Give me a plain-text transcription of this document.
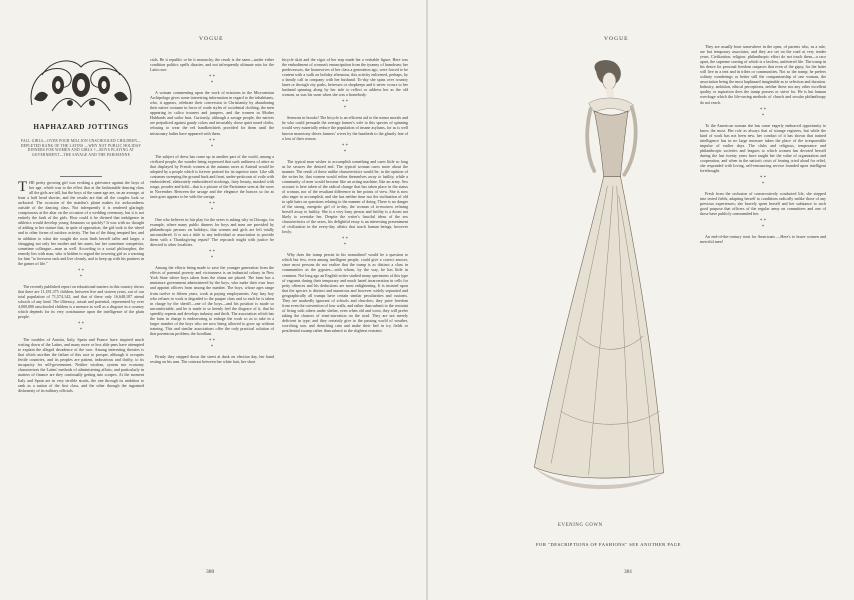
VOGUE
HAPHAZARD JOTTINGS
FALL GIRLS—OVER FOUR MILLION UNSCHOOLED CHILDREN—DEPLETED RANK OF THE LATINS —WHY NOT PUBLIC HOLIDAY DINNERS FOR WOMEN AND GIRLS ?—BOYS PLAYING AT GOVERNMENT—THE SAVAGE AND THE PARISIENNE

THE pretty growing girl was evoking a grievance against the boys of her age, which was to the effect that at the fashionable dancing class all the girls are tall, but the boys of the same age are, on an average, at least a half head shorter, and the results are that all the couples look so awkward. The occasion of the maiden's plaint makes for awkwardness outside of the dancing class. Not infrequently it is rendered glaringly conspicuous at the altar on the occasion of a wedding ceremony, but it is not entirely the fault of the girls. How could it be divined that indulgence in athletics would develop young Amazons so quickly? It was with no thought of adding to her stature that, in spite of opposition, the girl took to the wheel and to other forms of outdoor activity. The fun of the thing tempted her, and in addition to what she sought she soon finds herself taller and larger, a shrugging not only her mother and her aunts, but her sometime competitor, sometime colleague—man as well. According to a social philosopher, the remedy lies with man, who is bidden to regard the towering girl as a warning for him "to forswear sack and live cleanly, and to keep up with his partners in the games of life."

* *
*

The recently published report on educational matters in this country shows that there are 11,181,375 children, between five and sixteen years, out of our total population of 71,574,142, and that of these only 16,648,187 attend schools of any kind. The illiteracy, actual and potential, represented by over 4,000,000 unschooled children is a menace as well as a disgrace in a country which depends for its very continuance upon the intelligence of the plain people.

* *
*

The troubles of Austria, Italy, Spain and France have inspired much writing down of the Latins, and many more or less able pens have attempted to explain the alleged decadence of the race. Among interesting theories is that which ascribes the failure of this race to prosper, although it occupies fertile countries, and its peoples are patient, industrious and thrifty, to its incapacity for self-government. Neither wisdom, system nor economy characterizes the Latins' methods of administering affairs, and particularly in matters of finance are they continually getting into scrapes. At the moment Italy and Spain are in very terrible straits, the one through its ambition to rank as a nation of the first class, and the other through the ingrained dishonesty of its military officials.

cials. Be it republic or be it monarchy, the result is the same—under either condition politics spells disaster, and not infrequently ultimate ruin for the Latin race.

* *
*

A woman commenting upon the work of missions in the Micronesian Archipelago gives some interesting information in regard to the inhabitants, who, it appears, celebrate their conversion to Christianity by abandoning their native costume in favor of crude styles of occidental clothing, the men appearing in calico trousers and jumpers, and the women in Mother Hubbards and sailor hats. Curiously, although a savage people, the natives are prejudiced against gaudy colors and invariably chose quiet toned cloths, refusing to wear the red handkerchiefs provided for them until the missionary ladies have appeared with them.

* *
*

The subject of dress has come up in another part of the world, among a civilized people, the wonder being expressed that such unfitness of attire as that displayed by French women at the autumn races at Auteuil would be adopted by a people which is forever praised for its superior taste. Like silk costumes sweeping the ground back and front, under-petticoats of voile with embroidered, elaborately embroidered stockings, fairy beauty, masked with rouge, powder and kohl—that is a picture of the Parisienne seen at the races in November. Between the savage and the elegance the honors so far as taste goes appears to be with the savage.

* *
*

One who believes in fair play for the sexes is asking why in Chicago, for example, where many public dinners for boys and men are provided by philanthropic persons on holidays, that women and girls are left totally unconsidered. It is not a tittle to any individual or association to provide them with a Thanksgiving repast? The reproach might with justice be directed to other localities.

* *
*

Among the efforts being made to save the younger generation from the effects of parental poverty and viciousness is an industrial colony in New York State where boys taken from the slums are placed. The farm has a miniature government administered by the boys, who make their own laws and appoint officers from among the number. The boys, whose ages range from twelve to fifteen years, work at paying employments. Any lazy boy who refuses to work is degraded to the pauper class and so each he is taken in charge by the sheriff—one of the boys—and his position is made so uncomfortable, and he is made to so keenly feel the disgrace of it, that he speedily repents and develops industry and thrift. The association which has the farm in charge is endeavoring to enlarge the work so as to take in a larger number of the boys who are now being allowed to grow up without training. This and similar associations offer the only practical solution of that portentous problem, the hoodlum.

* *
*

Firmly they stepped down the street at dusk on election day, her hand resting on his arm. The contrast between her white hair, her short

bicycle skirt and the vigor of her step made her a veritable figure. Here was the embodiment of woman's emancipation from the tyranny of humdrum; her predecessors, the housewives of her class a generation ago, were forced to be content with a walk on holiday afternoon, this activity enlivened, perhaps, by a family call in company with her husband. To-day she spins over country lanes or through city parks, heiresses or shopkeeps and it never occurs to her husband spinning along by her side to reflect or address her as the old woman, as was his wont when she was a homebody.

* *
*

Sermons in brooks! The bicycle is an efficient aid to the minor morals and he who could persuade the average farmer's wife to this species of spinning would very materially reduce the population of insane asylums, for as is well known monotony drives farmers' wives by the hundreds to the ghastly fate of a loss of their reason.

* *
*

The typical man wishes to accomplish something and cares little so long as he secures the desired end. The typical woman cares more about the manner. The result of these unlike characteristics would be, in the opinion of the writer he, that women would refine themselves away to futility, while a community of men would become like an acting machine, like an army. Sex account is here taken of the radical change that has taken place in the status of woman, nor of the resultant difference in her points of view. She is now also eager to accomplish, and she has neither time nor the inclination of old to split hairs on questions relating to the manner of doing. There is no danger of the strong, energetic girl of to-day, the woman of to-morrow refining herself away to futility. She is a very busy person and futility is a doom not likely to overtake her. Despite the writer's fanciful ideas of the sex characteristics of the sexes, his delightful essay is an interesting presentment of civilization in the every-day affairs that touch human beings, however lowly.

* *
*

Why does the tramp persist in his nomadism? would be a question to which but few, even among intelligent people, could give a correct answer, since most persons do not realize that the tramp is as distinct a class in communities as the gypsies—with whom, by the way, he has little in common. Not long ago an English writer studied many specimens of this type of vagrants during their temporary and much hated incarceration in cells for petty offences and his deductions are most enlightening. It is insisted upon that the species is distinct and numerous and however widely separated and geographically all tramps have certain similar peculiarities and customs. They are markedly ignorant of schools and churches; they prize freedom from even the convention of four walls, and rather than submit to the restraint of living with others under shelter, even when old and worn, they will prefer taking the chances of semi-starvation on the road. They are not merely deficient in type, and they certainly give to the passing world of weather, scorching sun, and drenching rain and make their bed in icy fields or pestilential swamp rather than submit to the slightest restraint.

380
VOGUE
EVENING GOWN
FOR "DESCRIPTIONS OF FASHIONS" SEE ANOTHER PAGE

They are usually born somewhere in the open, of parents who, as a rule, are but temporary associates, and they are set on the road at very tender years. Civilization, religion, philanthropic effort do not touch them—a race apart, the supreme craving of which is a lawless, unfettered life. The tramp in his desire for personal freedom outpaces that even of the gipsy, for the latter will live in a tent and in tribes or communities. Not so the tramp; he prefers solitary wanderings or better still the companionship of one woman, the association being the most haphazard imaginable as to selection and duration. Industry, ambition, ethical perceptions, neither these nor any other excellent quality or aspiration does the tramp possess or strive for. He is but human wreckage which the life-saving methods of church and secular philanthropy do not reach.

* *
*

To the American woman she has come eagerly embraced opportunity to know the most. Her role as always that of strange registers, but while the kind of work has not been new, her conduct of it has shown that trained intelligence has in no large measure taken the place of the irresponsible impulse of earlier days. The clubs and religious, temperance and philanthropic societies and leagues to which women has devoted herself during the last twenty years have taught her the value of organization and cooperation, and when in the nation's crisis of fearing cried aloud for relief, she responded with loving, self-renouncing service founded upon intelligent forethought.

* *
*

Fresh from the seclusion of conservatively conducted life, she stepped into tested fields, adapting herself to conditions radically unlike those of any previous experiences; she bravely spent herself and her substance to such good purpose that officers of the regular army on committees and one of those have publicly commended her.

* *
*

An end-of-the-century treat for Americans —Here's to brave women and merciful men!

381
